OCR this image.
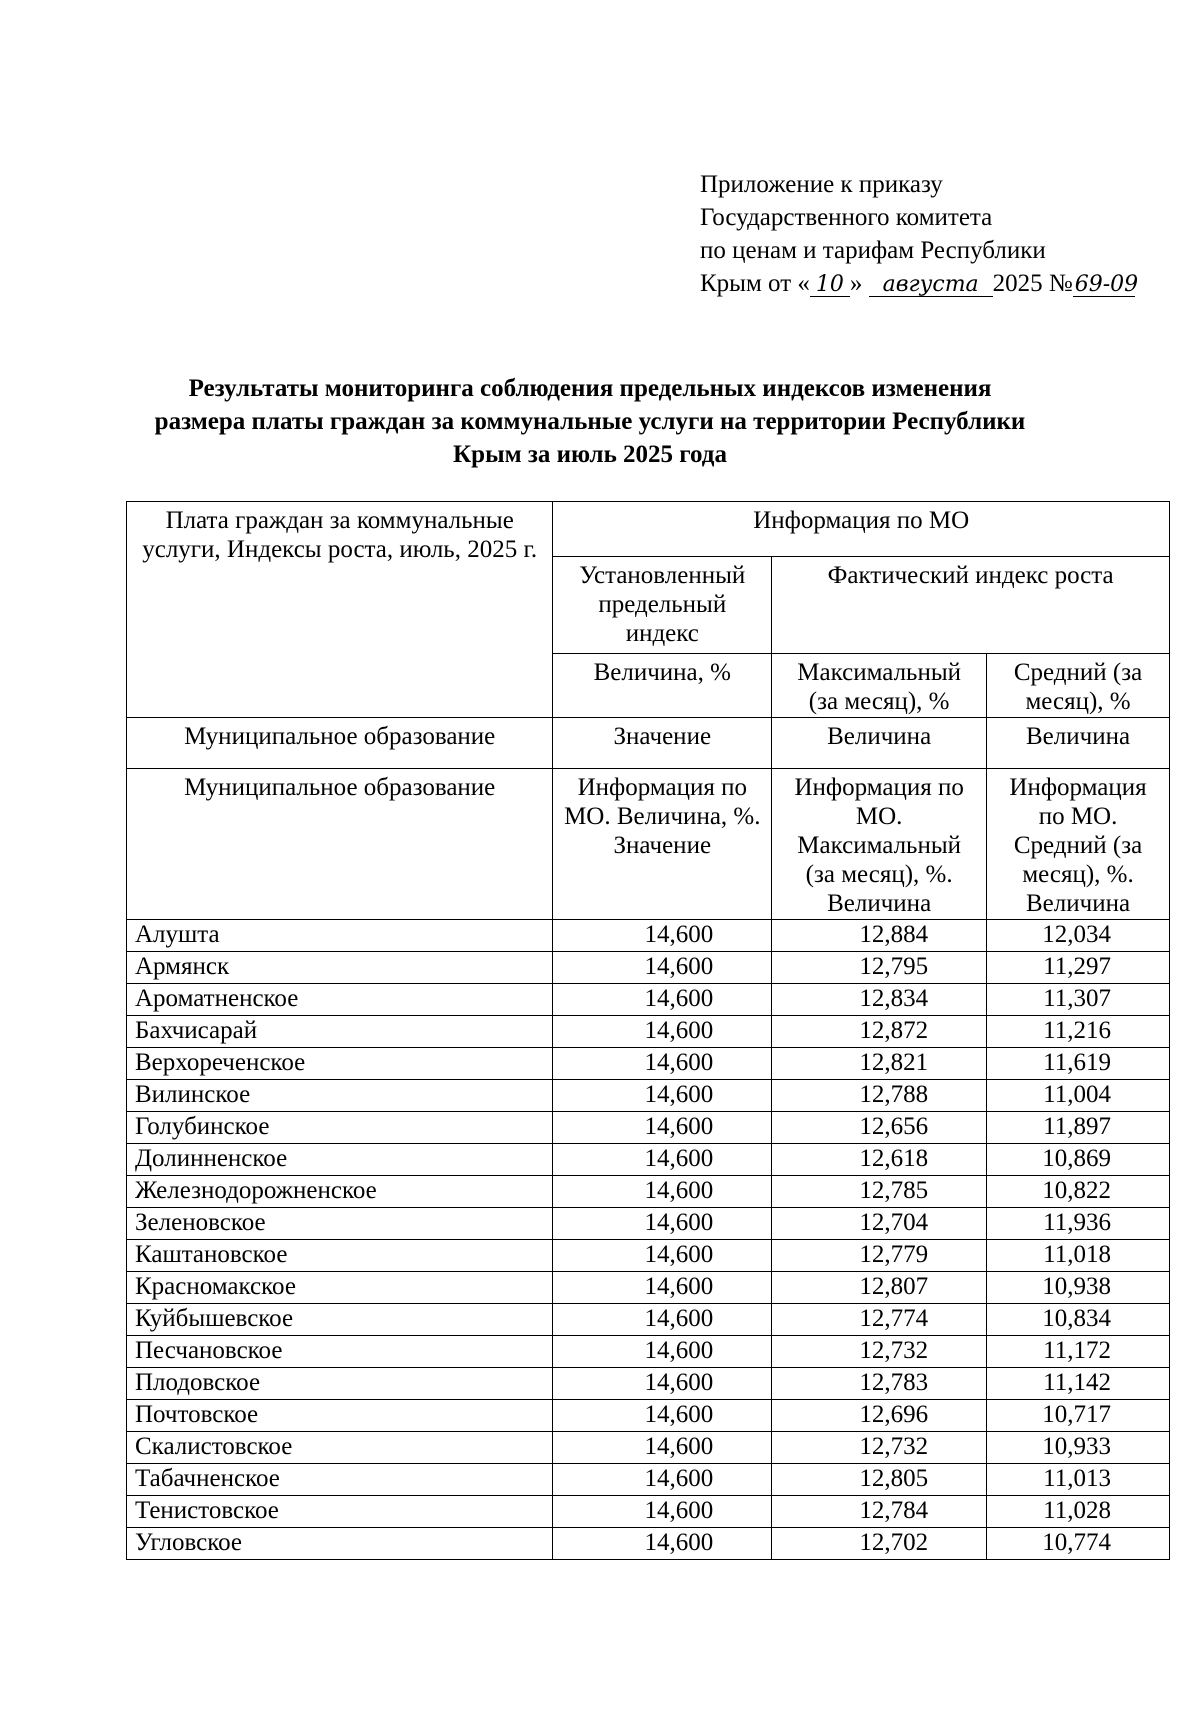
Приложение к приказу
Государственного комитета
по ценам и тарифам Республики
Крым от « 10 » августа 2025 №69-09
Результаты мониторинга соблюдения предельных индексов изменения
размера платы граждан за коммунальные услуги на территории Республики
Крым за июль 2025 года
Плата граждан за коммунальные услуги, Индексы роста, июль, 2025 г.	Информация по МО		
	Установленный предельный индекс	Фактический индекс роста	
	Величина, %	Максимальный (за месяц), %	Средний (за месяц), %
Муниципальное образование	Значение	Величина	Величина
Муниципальное образование	Информация по МО. Величина, %. Значение	Информация по МО. Максимальный (за месяц), %. Величина	Информация по МО. Средний (за месяц), %. Величина
Алушта	14,600	12,884	12,034
Армянск	14,600	12,795	11,297
Ароматненское	14,600	12,834	11,307
Бахчисарай	14,600	12,872	11,216
Верхореченское	14,600	12,821	11,619
Вилинское	14,600	12,788	11,004
Голубинское	14,600	12,656	11,897
Долинненское	14,600	12,618	10,869
Железнодорожненское	14,600	12,785	10,822
Зеленовское	14,600	12,704	11,936
Каштановское	14,600	12,779	11,018
Красномакское	14,600	12,807	10,938
Куйбышевское	14,600	12,774	10,834
Песчановское	14,600	12,732	11,172
Плодовское	14,600	12,783	11,142
Почтовское	14,600	12,696	10,717
Скалистовское	14,600	12,732	10,933
Табачненское	14,600	12,805	11,013
Тенистовское	14,600	12,784	11,028
Угловское	14,600	12,702	10,774
